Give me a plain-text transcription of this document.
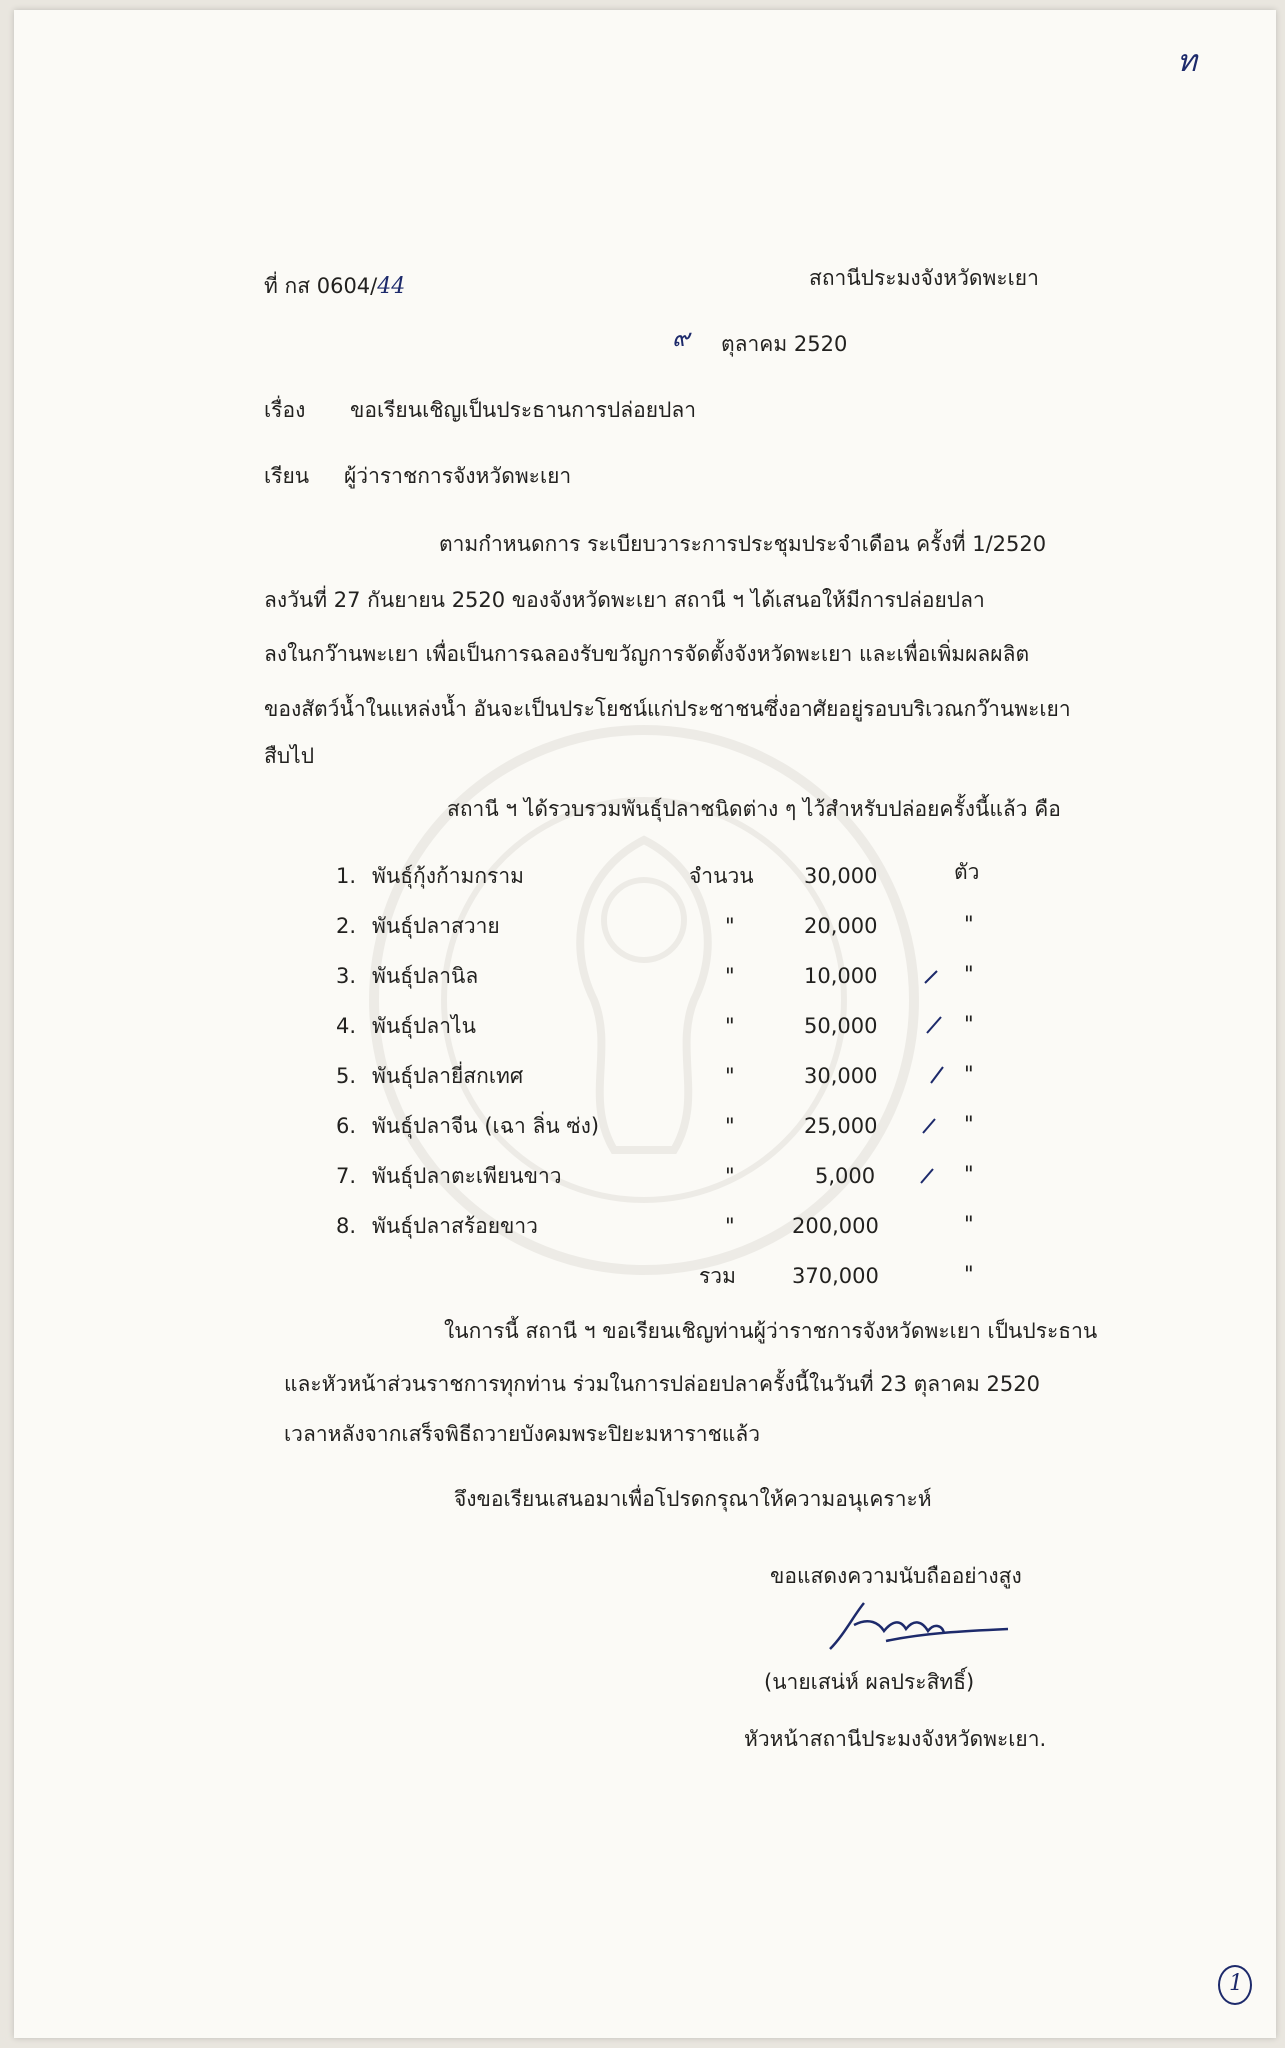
ท
ที่ กส 0604/44	สถานีประมงจังหวัดพะเยา
๙ ตุลาคม 2520
เรื่อง ขอเรียนเชิญเป็นประธานการปล่อยปลา
เรียน ผู้ว่าราชการจังหวัดพะเยา
ตามกำหนดการ ระเบียบวาระการประชุมประจำเดือน ครั้งที่ 1/2520
ลงวันที่ 27 กันยายน 2520 ของจังหวัดพะเยา สถานี ฯ ได้เสนอให้มีการปล่อยปลา
ลงในกว๊านพะเยา เพื่อเป็นการฉลองรับขวัญการจัดตั้งจังหวัดพะเยา และเพื่อเพิ่มผลผลิต
ของสัตว์น้ำในแหล่งน้ำ อันจะเป็นประโยชน์แก่ประชาชนซึ่งอาศัยอยู่รอบบริเวณกว๊านพะเยา
สืบไป
สถานี ฯ ได้รวบรวมพันธุ์ปลาชนิดต่าง ๆ ไว้สำหรับปล่อยครั้งนี้แล้ว คือ
1. พันธุ์กุ้งก้ามกราม	จำนวน 30,000	ตัว
2. พันธุ์ปลาสวาย	"	20,000	"
3. พันธุ์ปลานิล	"	10,000	"
4. พันธุ์ปลาไน	"	50,000	"
5. พันธุ์ปลายี่สกเทศ	"	30,000	"
6. พันธุ์ปลาจีน (เฉา ลิ่น ซ่ง)	"	25,000	"
7. พันธุ์ปลาตะเพียนขาว	"	5,000	"
8. พันธุ์ปลาสร้อยขาว	"	200,000	"
รวม	370,000	"
ในการนี้ สถานี ฯ ขอเรียนเชิญท่านผู้ว่าราชการจังหวัดพะเยา เป็นประธาน
และหัวหน้าส่วนราชการทุกท่าน ร่วมในการปล่อยปลาครั้งนี้ในวันที่ 23 ตุลาคม 2520
เวลาหลังจากเสร็จพิธีถวายบังคมพระปิยะมหาราชแล้ว
จึงขอเรียนเสนอมาเพื่อโปรดกรุณาให้ความอนุเคราะห์
ขอแสดงความนับถืออย่างสูง
(นายเสน่ห์ ผลประสิทธิ์)
หัวหน้าสถานีประมงจังหวัดพะเยา.
1
